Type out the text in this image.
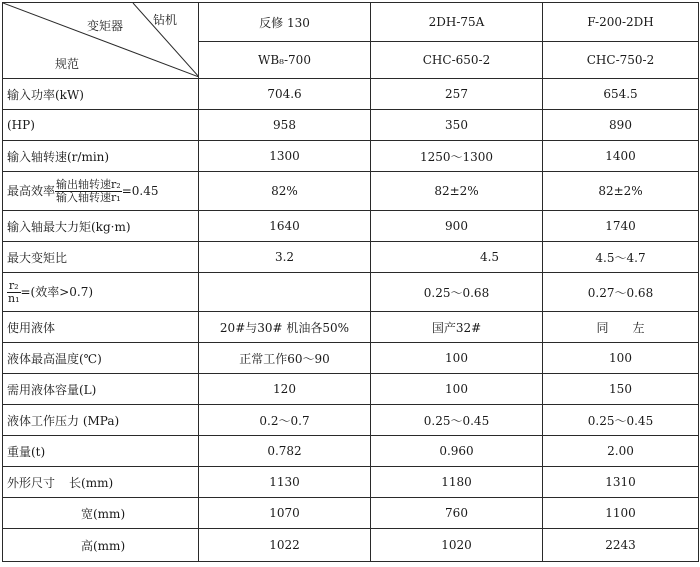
变矩器 钻机
规范	反修 130	2DH-75A	F-200-2DH
	WB₈-700	CHC-650-2	CHC-750-2
输入功率(kW)	704.6	257	654.5
(HP)	958	350	890
输入轴转速(r/min)	1300	1250～1300	1400
最高效率 $\frac{\text{输出轴转速r₂}}{\text{输入轴转速r₁}} =0.45$	82%	82±2%	82±2%
输入轴最大力矩(kg·m)	1640	900	1740
最大变矩比	3.2	4.5	4.5～4.7

$\frac{\text{r₂}}{\text{n₁}}$ =(效率>0.7)		0.25～0.68	0.27～0.68
使用液体	20#与30# 机油各50%	国产32#	同　　左
液体最高温度(℃)	正常工作60～90	100	100
需用液体容量(L)	120	100	150
液体工作压力 (MPa)	0.2～0.7	0.25～0.45	0.25～0.45
重量(t)	0.782	0.960	2.00
外形尺寸 长(mm)	1130	1180	1310
宽(mm)	1070	760	1100
高(mm)	1022	1020	2243
